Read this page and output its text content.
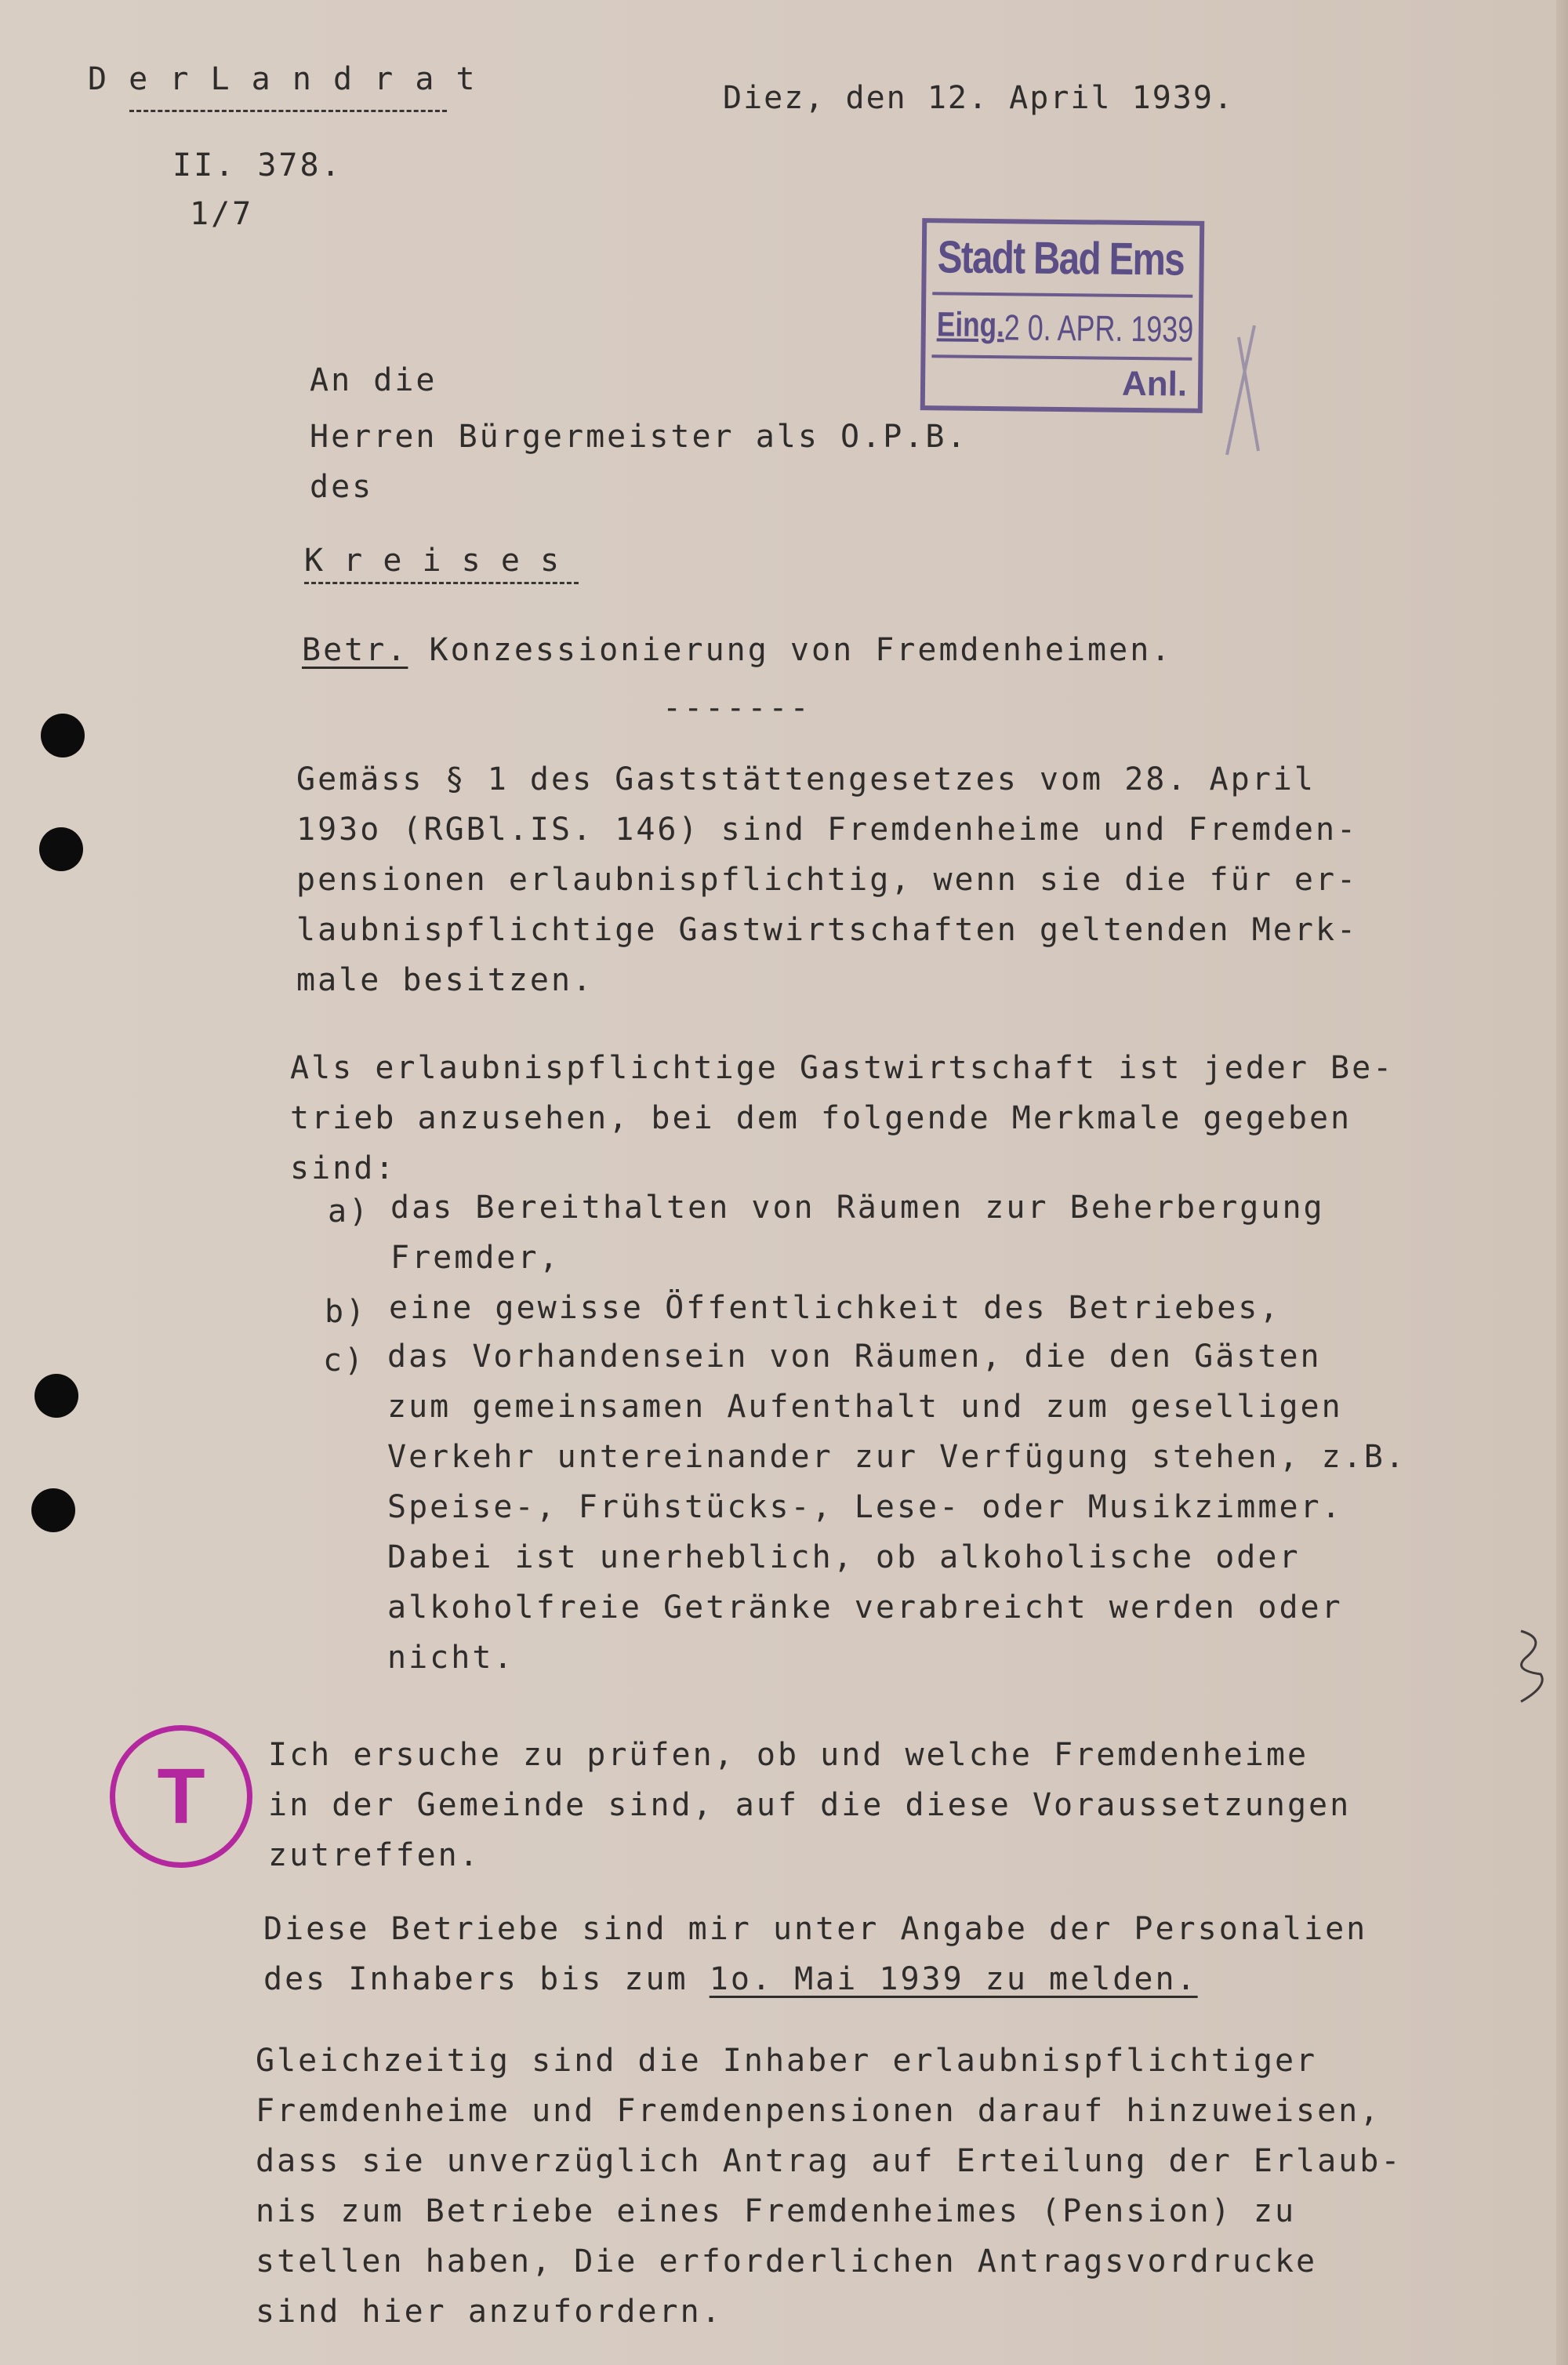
D e r L a n d r a t
II. 378.
1/7
Diez, den 12. April 1939.
Stadt Bad Ems
Eing. 2 0. APR. 1939
Anl.
An die
Herren Bürgermeister als O.P.B.
des
K r e i s e s
Betr. Konzessionierung von Fremdenheimen.
-------
Gemäss § 1 des Gaststättengesetzes vom 28. April
193o (RGBl.IS. 146) sind Fremdenheime und Fremden-
pensionen erlaubnispflichtig, wenn sie die für er-
laubnispflichtige Gastwirtschaften geltenden Merk-
male besitzen.
Als erlaubnispflichtige Gastwirtschaft ist jeder Be-
trieb anzusehen, bei dem folgende Merkmale gegeben
sind:
a) das Bereithalten von Räumen zur Beherbergung
Fremder,
b) eine gewisse Öffentlichkeit des Betriebes,
c) das Vorhandensein von Räumen, die den Gästen
zum gemeinsamen Aufenthalt und zum geselligen
Verkehr untereinander zur Verfügung stehen, z.B.
Speise-, Frühstücks-, Lese- oder Musikzimmer.
Dabei ist unerheblich, ob alkoholische oder
alkoholfreie Getränke verabreicht werden oder
nicht.
T Ich ersuche zu prüfen, ob und welche Fremdenheime
in der Gemeinde sind, auf die diese Voraussetzungen
zutreffen.
Diese Betriebe sind mir unter Angabe der Personalien
des Inhabers bis zum 1o. Mai 1939 zu melden.
Gleichzeitig sind die Inhaber erlaubnispflichtiger
Fremdenheime und Fremdenpensionen darauf hinzuweisen,
dass sie unverzüglich Antrag auf Erteilung der Erlaub-
nis zum Betriebe eines Fremdenheimes (Pension) zu
stellen haben, Die erforderlichen Antragsvordrucke
sind hier anzufordern.
